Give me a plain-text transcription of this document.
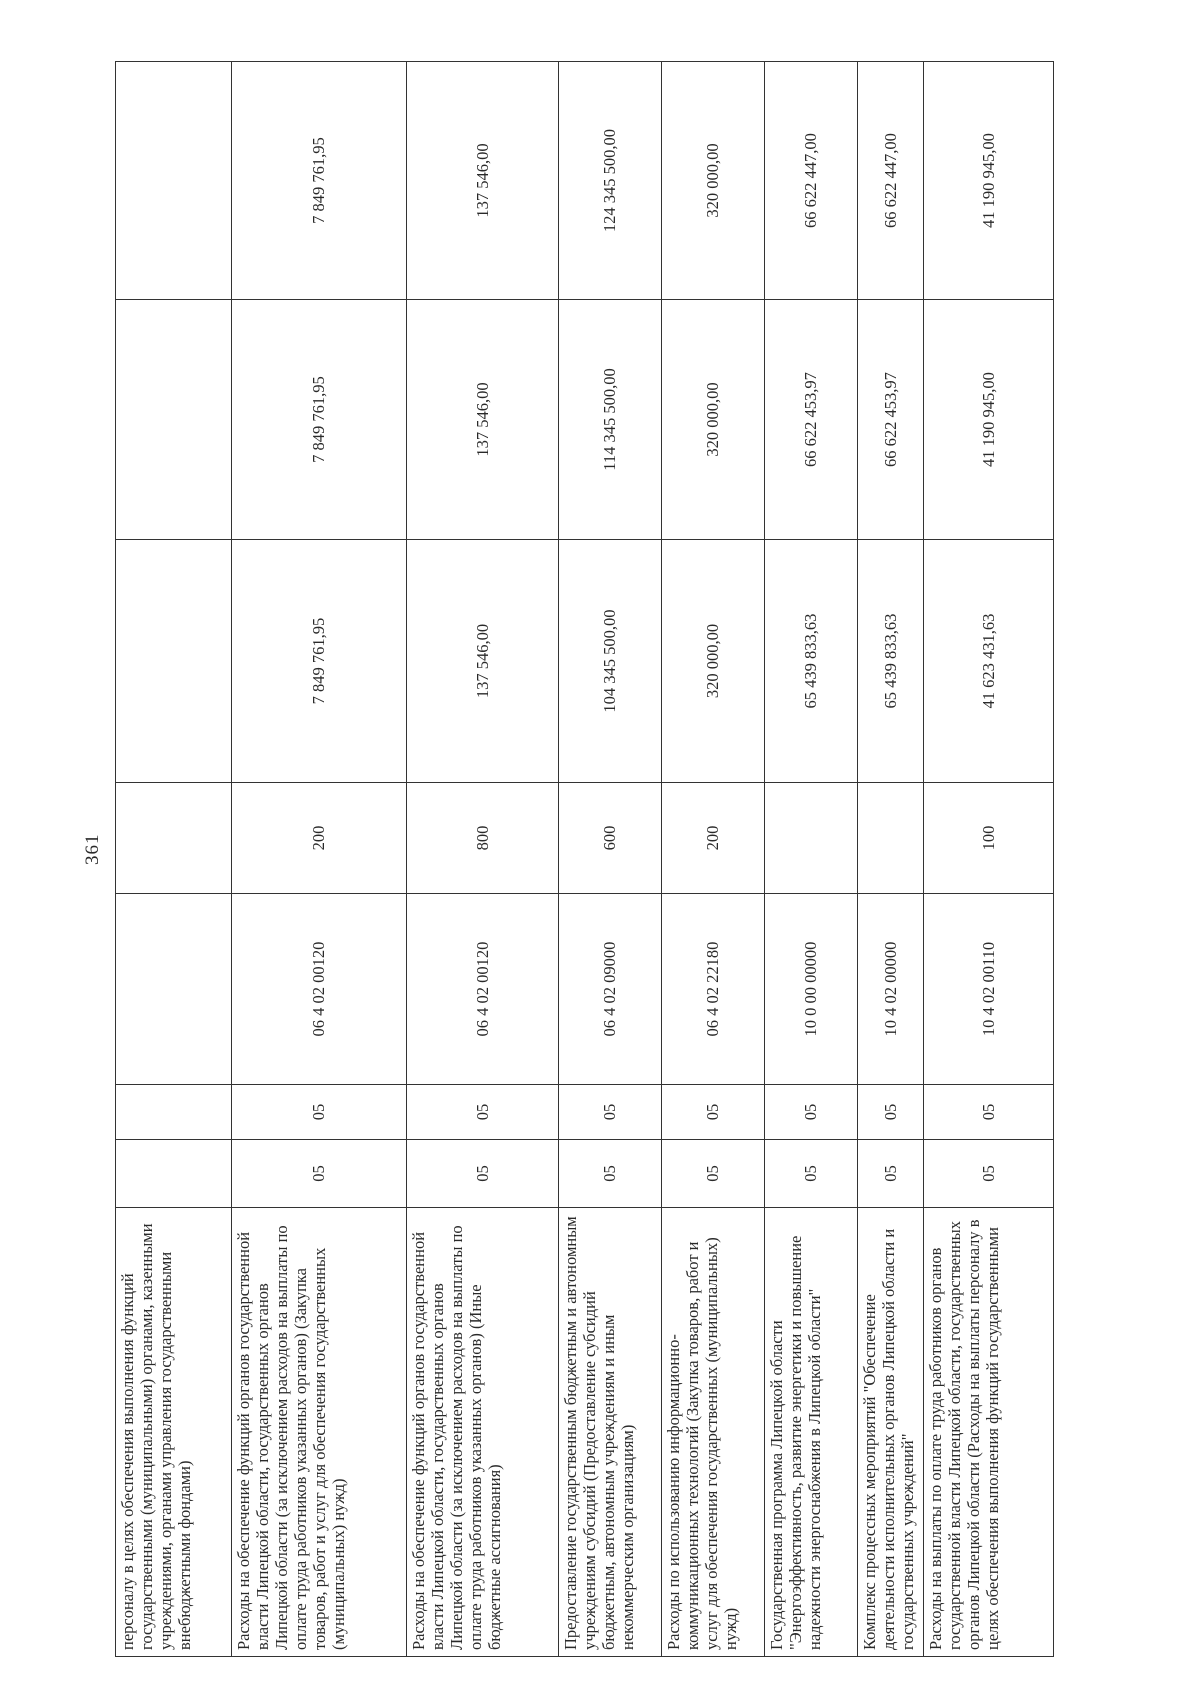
361
персоналу в целях обеспечения выполнения функций государственными (муниципальными) органами, казенными учреждениями, органами управления государственными внебюджетными фондами)							
Расходы на обеспечение функций органов государственной власти Липецкой области, государственных органов Липецкой области (за исключением расходов на выплаты по оплате труда работников указанных органов) (Закупка товаров, работ и услуг для обеспечения государственных (муниципальных) нужд)	05	05	06 4 02 00120	200	7 849 761,95	7 849 761,95	7 849 761,95
Расходы на обеспечение функций органов государственной власти Липецкой области, государственных органов Липецкой области (за исключением расходов на выплаты по оплате труда работников указанных органов) (Иные бюджетные ассигнования)	05	05	06 4 02 00120	800	137 546,00	137 546,00	137 546,00
Предоставление государственным бюджетным и автономным учреждениям субсидий (Предоставление субсидий бюджетным, автономным учреждениям и иным некоммерческим организациям)	05	05	06 4 02 09000	600	104 345 500,00	114 345 500,00	124 345 500,00
Расходы по использованию информационно-коммуникационных технологий (Закупка товаров, работ и услуг для обеспечения государственных (муниципальных) нужд)	05	05	06 4 02 22180	200	320 000,00	320 000,00	320 000,00
Государственная программа Липецкой области "Энергоэффективность, развитие энергетики и повышение надежности энергоснабжения в Липецкой области"	05	05	10 0 00 00000		65 439 833,63	66 622 453,97	66 622 447,00
Комплекс процессных мероприятий "Обеспечение деятельности исполнительных органов Липецкой области и государственных учреждений"	05	05	10 4 02 00000		65 439 833,63	66 622 453,97	66 622 447,00
Расходы на выплаты по оплате труда работников органов государственной власти Липецкой области, государственных органов Липецкой области (Расходы на выплаты персоналу в целях обеспечения выполнения функций государственными	05	05	10 4 02 00110	100	41 623 431,63	41 190 945,00	41 190 945,00
